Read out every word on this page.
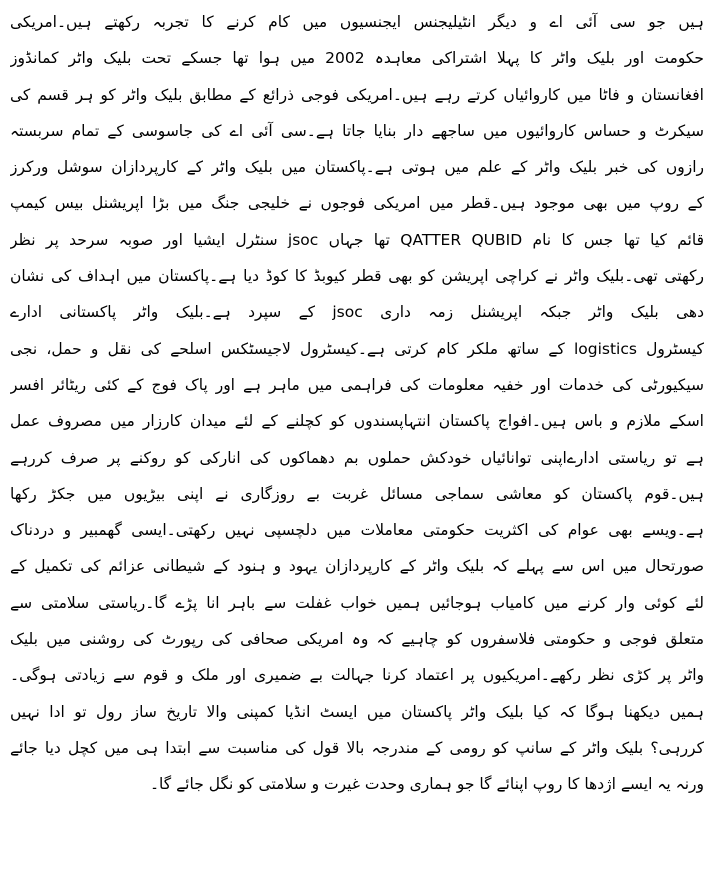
ہیں جو سی آئی اے و دیگر انٹیلیجنس ایجنسیوں میں کام کرنے کا تجربہ رکھتے ہیں۔امریکی
حکومت اور بلیک واٹر کا پہلا اشتراکی معاہدہ 2002 میں ہوا تھا جسکے تحت بلیک واٹر کمانڈوز
افغانستان و فاٹا میں کاروائیاں کرتے رہے ہیں۔امریکی فوجی ذرائع کے مطابق بلیک واٹر کو ہر قسم کی
سیکرٹ و حساس کاروائیوں میں ساجھے دار بنایا جاتا ہے۔سی آئی اے کی جاسوسی کے تمام سربستہ
رازوں کی خبر بلیک واٹر کے علم میں ہوتی ہے۔پاکستان میں بلیک واٹر کے کارپردازان سوشل ورکرز
کے روپ میں بھی موجود ہیں۔قطر میں امریکی فوجوں نے خلیجی جنگ میں بڑا اپریشنل بیس کیمپ
قائم کیا تھا جس کا نام QATTER QUBID تھا جہاں jsoc سنٹرل ایشیا اور صوبہ سرحد پر نظر
رکھتی تھی۔بلیک واٹر نے کراچی اپریشن کو بھی قطر کیوبڈ کا کوڈ دیا ہے۔پاکستان میں اہداف کی نشان
دھی بلیک واٹر جبکہ اپریشنل زمہ داری jsoc کے سپرد ہے۔بلیک واٹر پاکستانی ادارے
کیسٹرول logistics کے ساتھ ملکر کام کرتی ہے۔کیسٹرول لاجیسٹکس اسلحے کی نقل و حمل، نجی
سیکیورٹی کی خدمات اور خفیہ معلومات کی فراہمی میں ماہر ہے اور پاک فوج کے کئی ریٹائر افسر
اسکے ملازم و باس ہیں۔افواج پاکستان انتہاپسندوں کو کچلنے کے لئے میدان کارزار میں مصروف عمل
ہے تو ریاستی ادارےاپنی توانائیاں خودکش حملوں بم دھماکوں کی انارکی کو روکنے پر صرف کررہے
ہیں۔قوم پاکستان کو معاشی سماجی مسائل غربت بے روزگاری نے اپنی بیڑیوں میں جکڑ رکھا
ہے۔ویسے بھی عوام کی اکثریت حکومتی معاملات میں دلچسپی نہیں رکھتی۔ایسی گھمبیر و دردناک
صورتحال میں اس سے پہلے کہ بلیک واٹر کے کارپردازان یہود و ہنود کے شیطانی عزائم کی تکمیل کے
لئے کوئی وار کرنے میں کامیاب ہوجائیں ہمیں خواب غفلت سے باہر انا پڑے گا۔ریاستی سلامتی سے
متعلق فوجی و حکومتی فلاسفروں کو چاہیے کہ وہ امریکی صحافی کی رپورٹ کی روشنی میں بلیک
واٹر پر کڑی نظر رکھے۔امریکیوں پر اعتماد کرنا جہالت بے ضمیری اور ملک و قوم سے زیادتی ہوگی۔
ہمیں دیکھنا ہوگا کہ کیا بلیک واٹر پاکستان میں ایسٹ انڈیا کمپنی والا تاریخ ساز رول تو ادا نہیں
کررہی؟ بلیک واٹر کے سانپ کو رومی کے مندرجہ بالا قول کی مناسبت سے ابتدا ہی میں کچل دیا جائے
ورنہ یہ ایسے اژدھا کا روپ اپنائے گا جو ہماری وحدت غیرت و سلامتی کو نگل جائے گا۔
